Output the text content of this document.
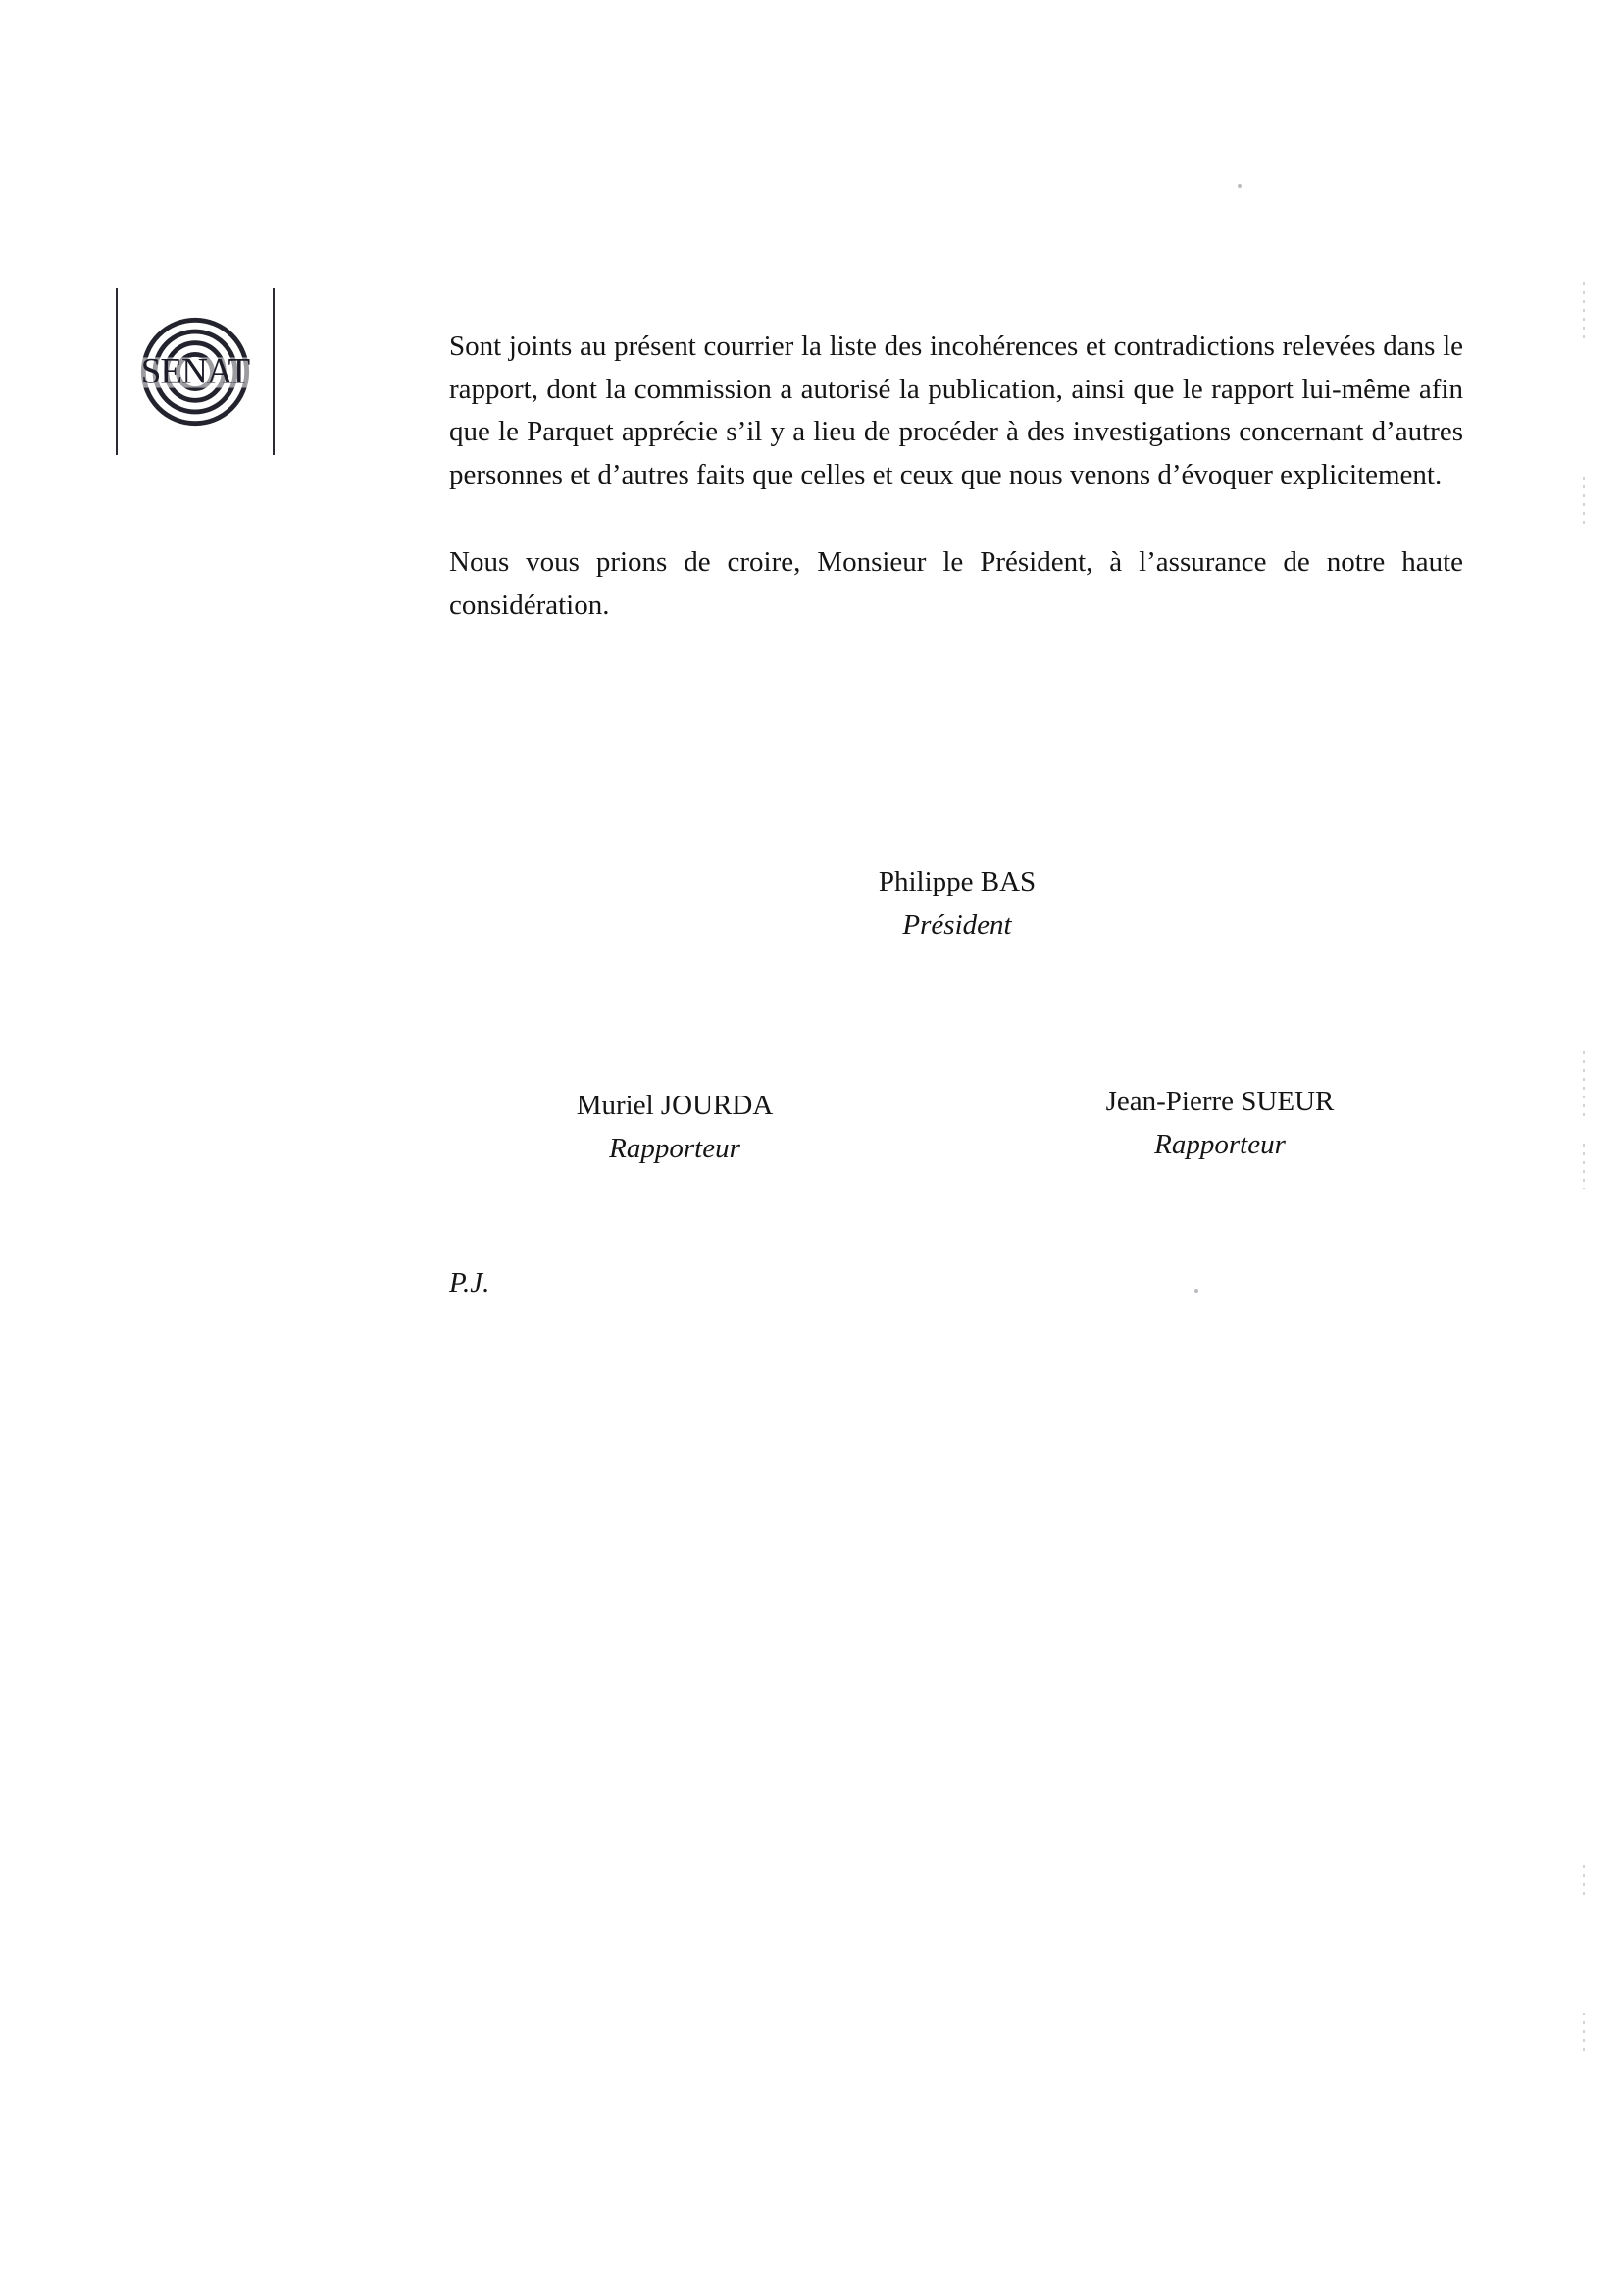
SÉNAT

Sont joints au présent courrier la liste des incohérences et contradictions relevées dans le rapport, dont la commission a autorisé la publication, ainsi que le rapport lui-même afin que le Parquet apprécie s’il y a lieu de procéder à des investigations concernant d’autres personnes et d’autres faits que celles et ceux que nous venons d’évoquer explicitement.

Nous vous prions de croire, Monsieur le Président, à l’assurance de notre haute considération.

Philippe BAS
Président
Muriel JOURDA
Rapporteur
Jean-Pierre SUEUR
Rapporteur
P.J.
